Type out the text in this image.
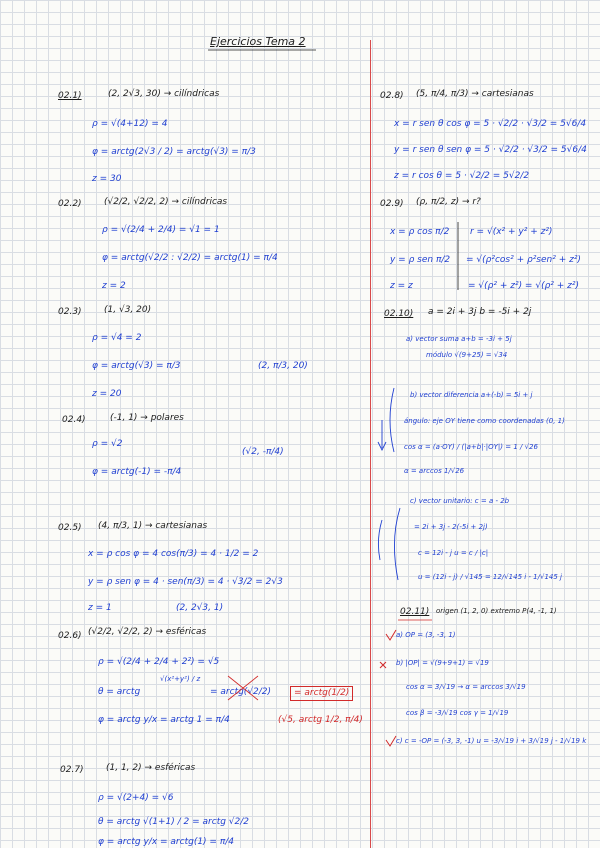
Ejercicios Tema 2
02.1)	(2, 2√3, 30) → cilíndricas
ρ = √(4+12) = 4
φ = arctg(2√3 / 2) = arctg(√3) = π/3
z = 30
02.2) (√2/2, √2/2, 2) → cilíndricas
ρ = √(2/4 + 2/4) = √1 = 1
φ = arctg(√2/2 : √2/2) = arctg(1) = π/4
z = 2
02.3) (1, √3, 20)
ρ = √4 = 2
φ = arctg(√3) = π/3	(2, π/3, 20)
z = 20
02.4)	(-1, 1) → polares
ρ = √2
(√2, -π/4)
φ = arctg(-1) = -π/4
02.5) (4, π/3, 1) → cartesianas
x = ρ cos φ = 4 cos(π/3) = 4 · 1/2 = 2
y = ρ sen φ = 4 · sen(π/3) = 4 · √3/2 = 2√3
z = 1	(2, 2√3, 1)
02.6) (√2/2, √2/2, 2) → esféricas
ρ = √(2/4 + 2/4 + 2²) = √5
θ = arctg
√(x²+y²) / z
= arctg(√2/2)	= arctg(1/2)
φ = arctg y/x = arctg 1 = π/4	(√5, arctg 1/2, π/4)
02.7) (1, 1, 2) → esféricas
ρ = √(2+4) = √6
θ = arctg √(1+1) / 2 = arctg √2/2
φ = arctg y/x = arctg(1) = π/4
02.8) (5, π/4, π/3) → cartesianas
x = r sen θ cos φ = 5 · √2/2 · √3/2 = 5√6/4
y = r sen θ sen φ = 5 · √2/2 · √3/2 = 5√6/4
z = r cos θ = 5 · √2/2 = 5√2/2
02.9) (ρ, π/2, z) → r?
x = ρ cos π/2
y = ρ sen π/2
z = z
r = √(x² + y² + z²)
= √(ρ²cos² + ρ²sen² + z²)
= √(ρ² + z²) = √(ρ² + z²)
02.10) a = 2i + 3j b = -5i + 2j
a) vector suma a+b = -3i + 5j
módulo √(9+25) = √34
b) vector diferencia a+(-b) = 5i + j
ángulo: eje OY tiene como coordenadas (0, 1)
cos α = (a·OY) / (|a+b|·|OY|) = 1 / √26
α = arccos 1/√26
c) vector unitario: c = a - 2b
= 2i + 3j - 2(-5i + 2j)
c = 12i - j u = c / |c|
u = (12i - j) / √145 = 12/√145 i - 1/√145 j
02.11) origen (1, 2, 0) extremo P(4, -1, 1)
a) OP = (3, -3, 1)
b) |OP| = √(9+9+1) = √19
cos α = 3/√19 → α = arccos 3/√19
cos β = -3/√19 cos γ = 1/√19
c) c = -OP = (-3, 3, -1) u = -3/√19 i + 3/√19 j - 1/√19 k
